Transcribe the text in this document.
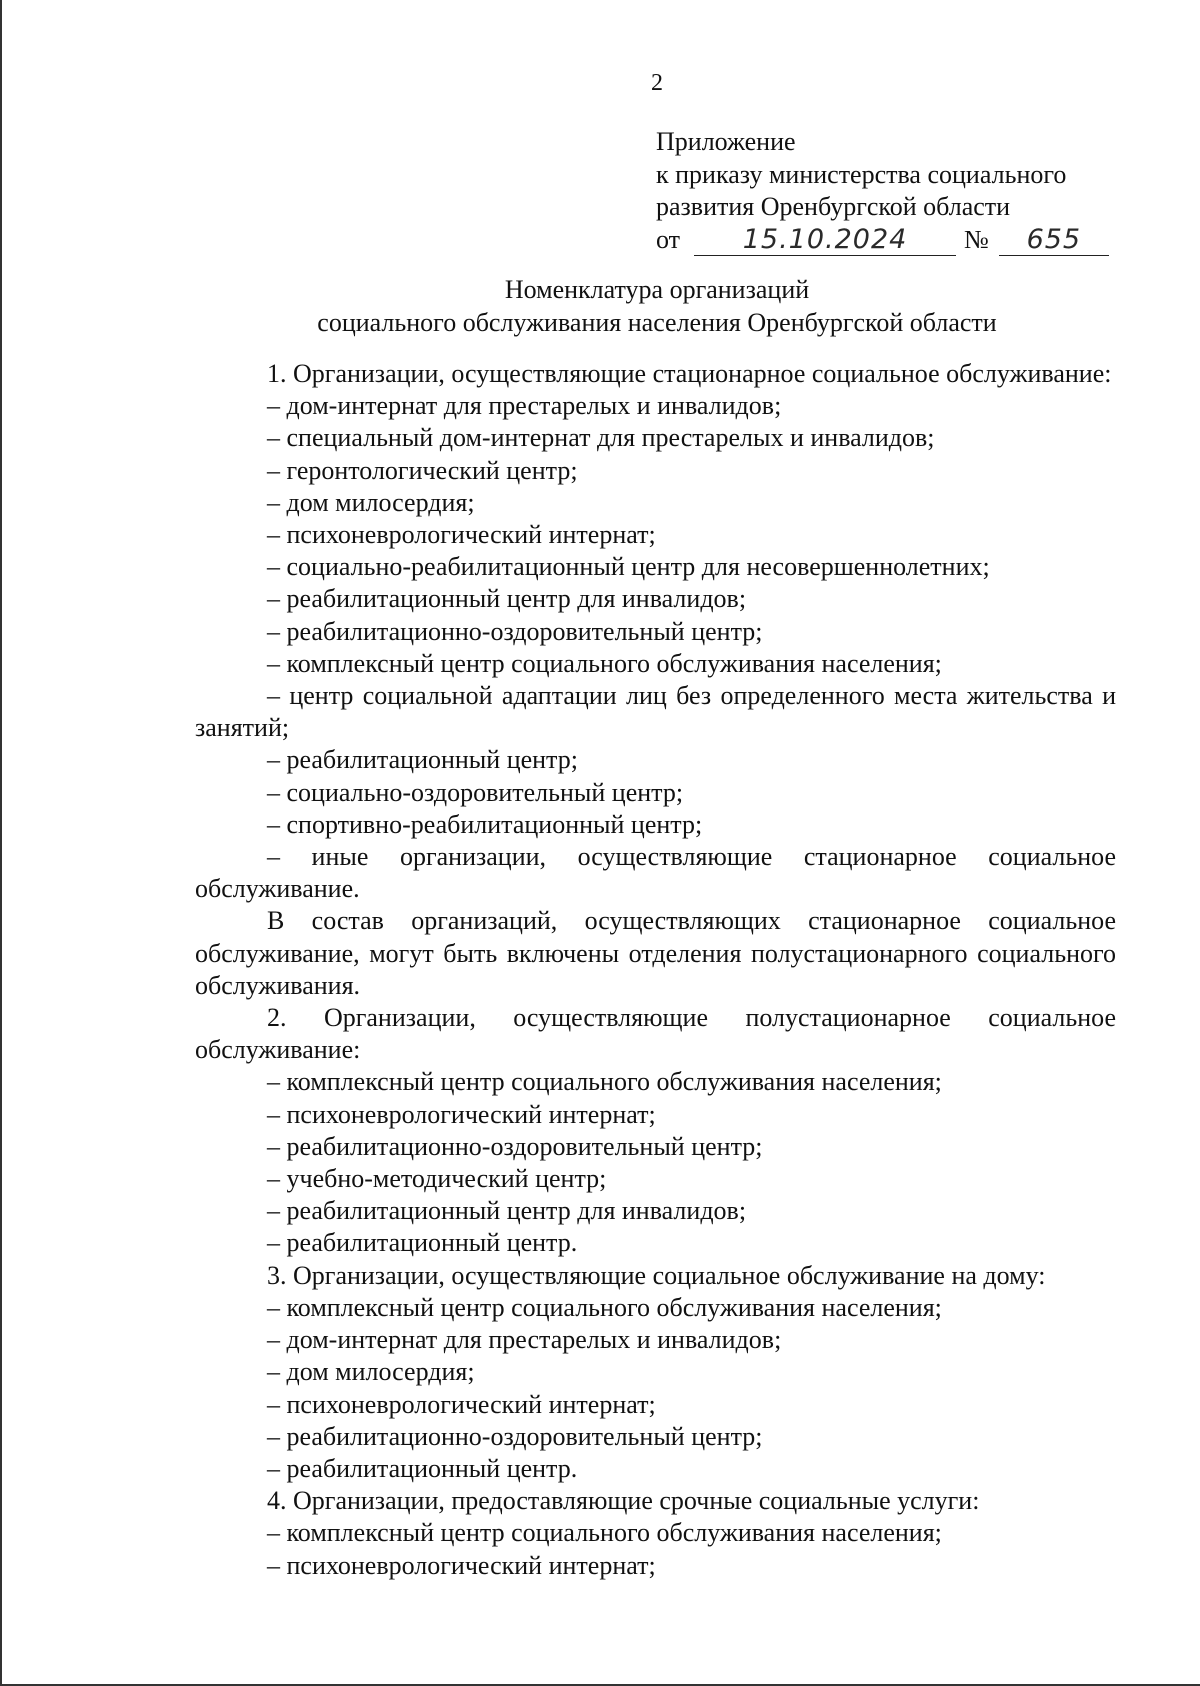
2
Приложение
к приказу министерства социального
развития Оренбургской области
от	15.10.2024	№	655
Номенклатура организаций
социального обслуживания населения Оренбургской области

1. Организации, осуществляющие стационарное социальное обслуживание:

– дом-интернат для престарелых и инвалидов;

– специальный дом-интернат для престарелых и инвалидов;

– геронтологический центр;

– дом милосердия;

– психоневрологический интернат;

– социально-реабилитационный центр для несовершеннолетних;

– реабилитационный центр для инвалидов;

– реабилитационно-оздоровительный центр;

– комплексный центр социального обслуживания населения;

– центр социальной адаптации лиц без определенного места жительства и занятий;

– реабилитационный центр;

– социально-оздоровительный центр;

– спортивно-реабилитационный центр;

– иные организации, осуществляющие стационарное социальное обслуживание.

В состав организаций, осуществляющих стационарное социальное обслуживание, могут быть включены отделения полустационарного социального обслуживания.

2. Организации, осуществляющие полустационарное социальное обслуживание:

– комплексный центр социального обслуживания населения;

– психоневрологический интернат;

– реабилитационно-оздоровительный центр;

– учебно-методический центр;

– реабилитационный центр для инвалидов;

– реабилитационный центр.

3. Организации, осуществляющие социальное обслуживание на дому:

– комплексный центр социального обслуживания населения;

– дом-интернат для престарелых и инвалидов;

– дом милосердия;

– психоневрологический интернат;

– реабилитационно-оздоровительный центр;

– реабилитационный центр.

4. Организации, предоставляющие срочные социальные услуги:

– комплексный центр социального обслуживания населения;

– психоневрологический интернат;
